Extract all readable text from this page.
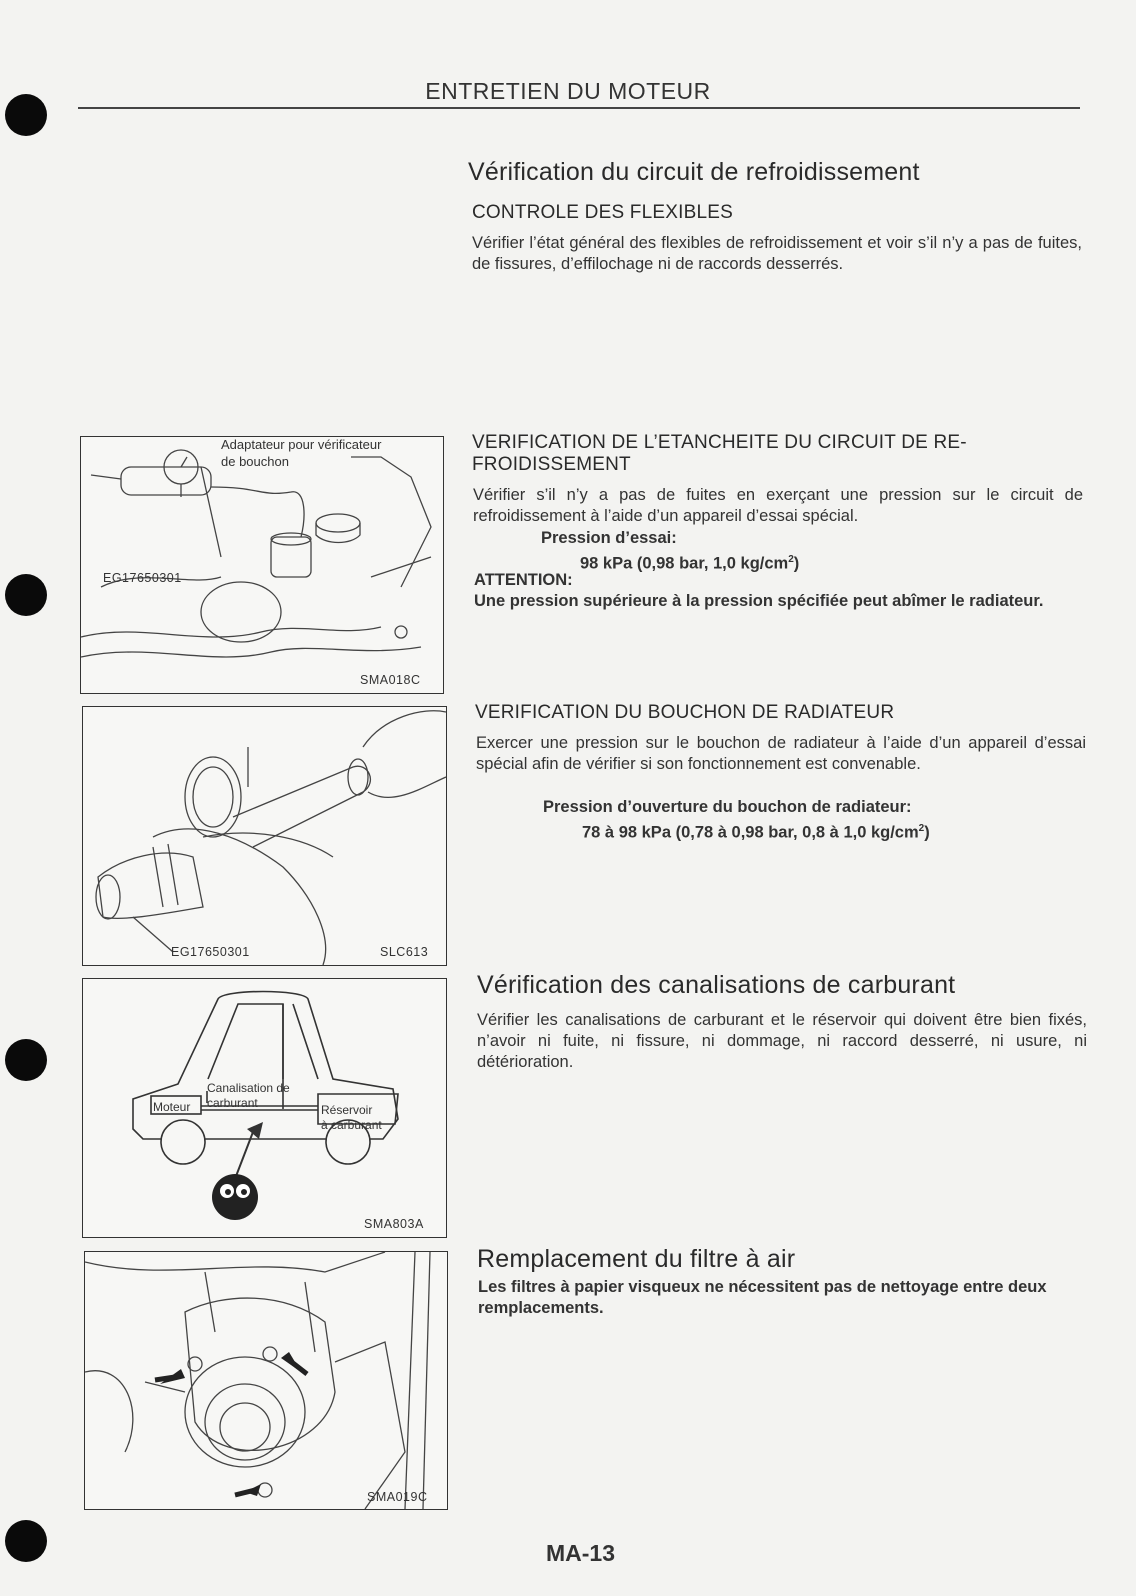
ENTRETIEN DU MOTEUR
Vérification du circuit de refroidissement
CONTROLE DES FLEXIBLES
Vérifier l’état général des flexibles de refroidissement et voir s’il n’y a pas de fuites, de fissures, d’effilochage ni de raccords desserrés.
Adaptateur pour vérificateur
de bouchon
EG17650301
SMA018C
VERIFICATION DE L’ETANCHEITE DU CIRCUIT DE RE-FROIDISSEMENT
Vérifier s’il n’y a pas de fuites en exerçant une pression sur le circuit de refroidissement à l’aide d’un appareil d’essai spécial.
Pression d’essai:
98 kPa (0,98 bar, 1,0 $kg/cm^2$)
ATTENTION:
Une pression supérieure à la pression spécifiée peut abîmer le radiateur.
EG17650301	SLC613
VERIFICATION DU BOUCHON DE RADIATEUR
Exercer une pression sur le bouchon de radiateur à l’aide d’un appareil d’essai spécial afin de vérifier si son fonctionnement est convenable.
Pression d’ouverture du bouchon de radiateur:
78 à 98 kPa (0,78 à 0,98 bar, 0,8 à 1,0 $kg/cm^2$)
Moteur
Canalisation de
carburant	Réservoir
à carburant
SMA803A
Vérification des canalisations de carburant
Vérifier les canalisations de carburant et le réservoir qui doivent être bien fixés, n’avoir ni fuite, ni fissure, ni dommage, ni raccord desserré, ni usure, ni détérioration.
SMA019C
Remplacement du filtre à air
Les filtres à papier visqueux ne nécessitent pas de nettoyage entre deux remplacements.
MA-13
